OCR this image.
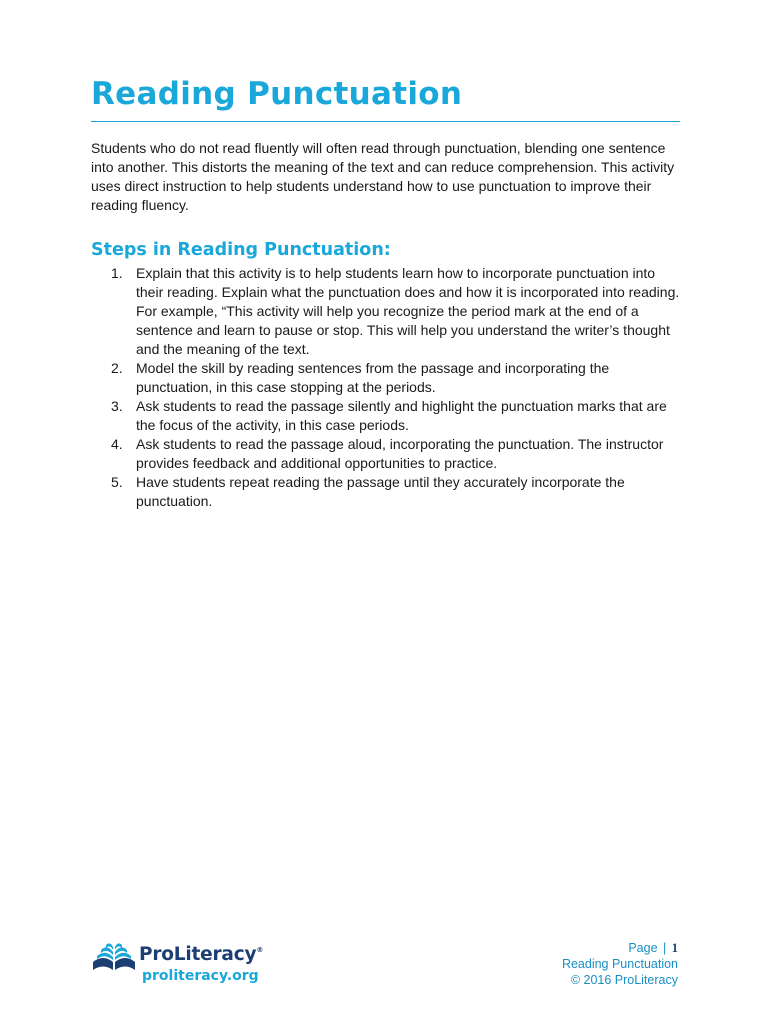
Reading Punctuation

Students who do not read fluently will often read through punctuation, blending one sentence into another. This distorts the meaning of the text and can reduce comprehension. This activity uses direct instruction to help students understand how to use punctuation to improve their reading fluency.

Steps in Reading Punctuation:
1. Explain that this activity is to help students learn how to incorporate punctuation into their reading. Explain what the punctuation does and how it is incorporated into reading. For example, “This activity will help you recognize the period mark at the end of a sentence and learn to pause or stop. This will help you understand the writer’s thought and the meaning of the text.
2. Model the skill by reading sentences from the passage and incorporating the punctuation, in this case stopping at the periods.
3. Ask students to read the passage silently and highlight the punctuation marks that are the focus of the activity, in this case periods.
4. Ask students to read the passage aloud, incorporating the punctuation. The instructor provides feedback and additional opportunities to practice.
5. Have students repeat reading the passage until they accurately incorporate the punctuation.
ProLiteracy®
proliteracy.org
Page | 1
Reading Punctuation
© 2016 ProLiteracy
